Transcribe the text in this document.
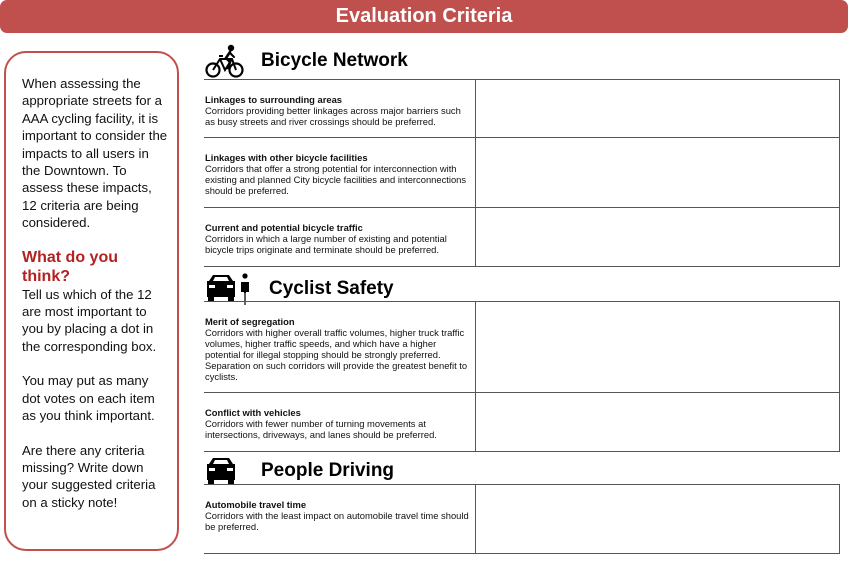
Evaluation Criteria

When assessing the appropriate streets for a AAA cycling facility, it is important to consider the impacts to all users in the Downtown. To assess these impacts, 12 criteria are being considered.

What do you think?

Tell us which of the 12 are most important to you by placing a dot in the corresponding box.

You may put as many dot votes on each item as you think important.

Are there any criteria missing? Write down your suggested criteria on a sticky note!

Bicycle Network
Linkages to surrounding areas
Corridors providing better linkages across major barriers such as busy streets and river crossings should be preferred.	

Linkages with other bicycle facilities
Corridors that offer a strong potential for interconnection with existing and planned City bicycle facilities and interconnections should be preferred.	

Current and potential bicycle traffic
Corridors in which a large number of existing and potential bicycle trips originate and terminate should be preferred.	

Cyclist Safety
Merit of segregation
Corridors with higher overall traffic volumes, higher truck traffic volumes, higher traffic speeds, and which have a higher potential for illegal stopping should be strongly preferred. Separation on such corridors will provide the greatest benefit to cyclists.	

Conflict with vehicles
Corridors with fewer number of turning movements at intersections, driveways, and lanes should be preferred.	

People Driving
Automobile travel time
Corridors with the least impact on automobile travel time should be preferred.
